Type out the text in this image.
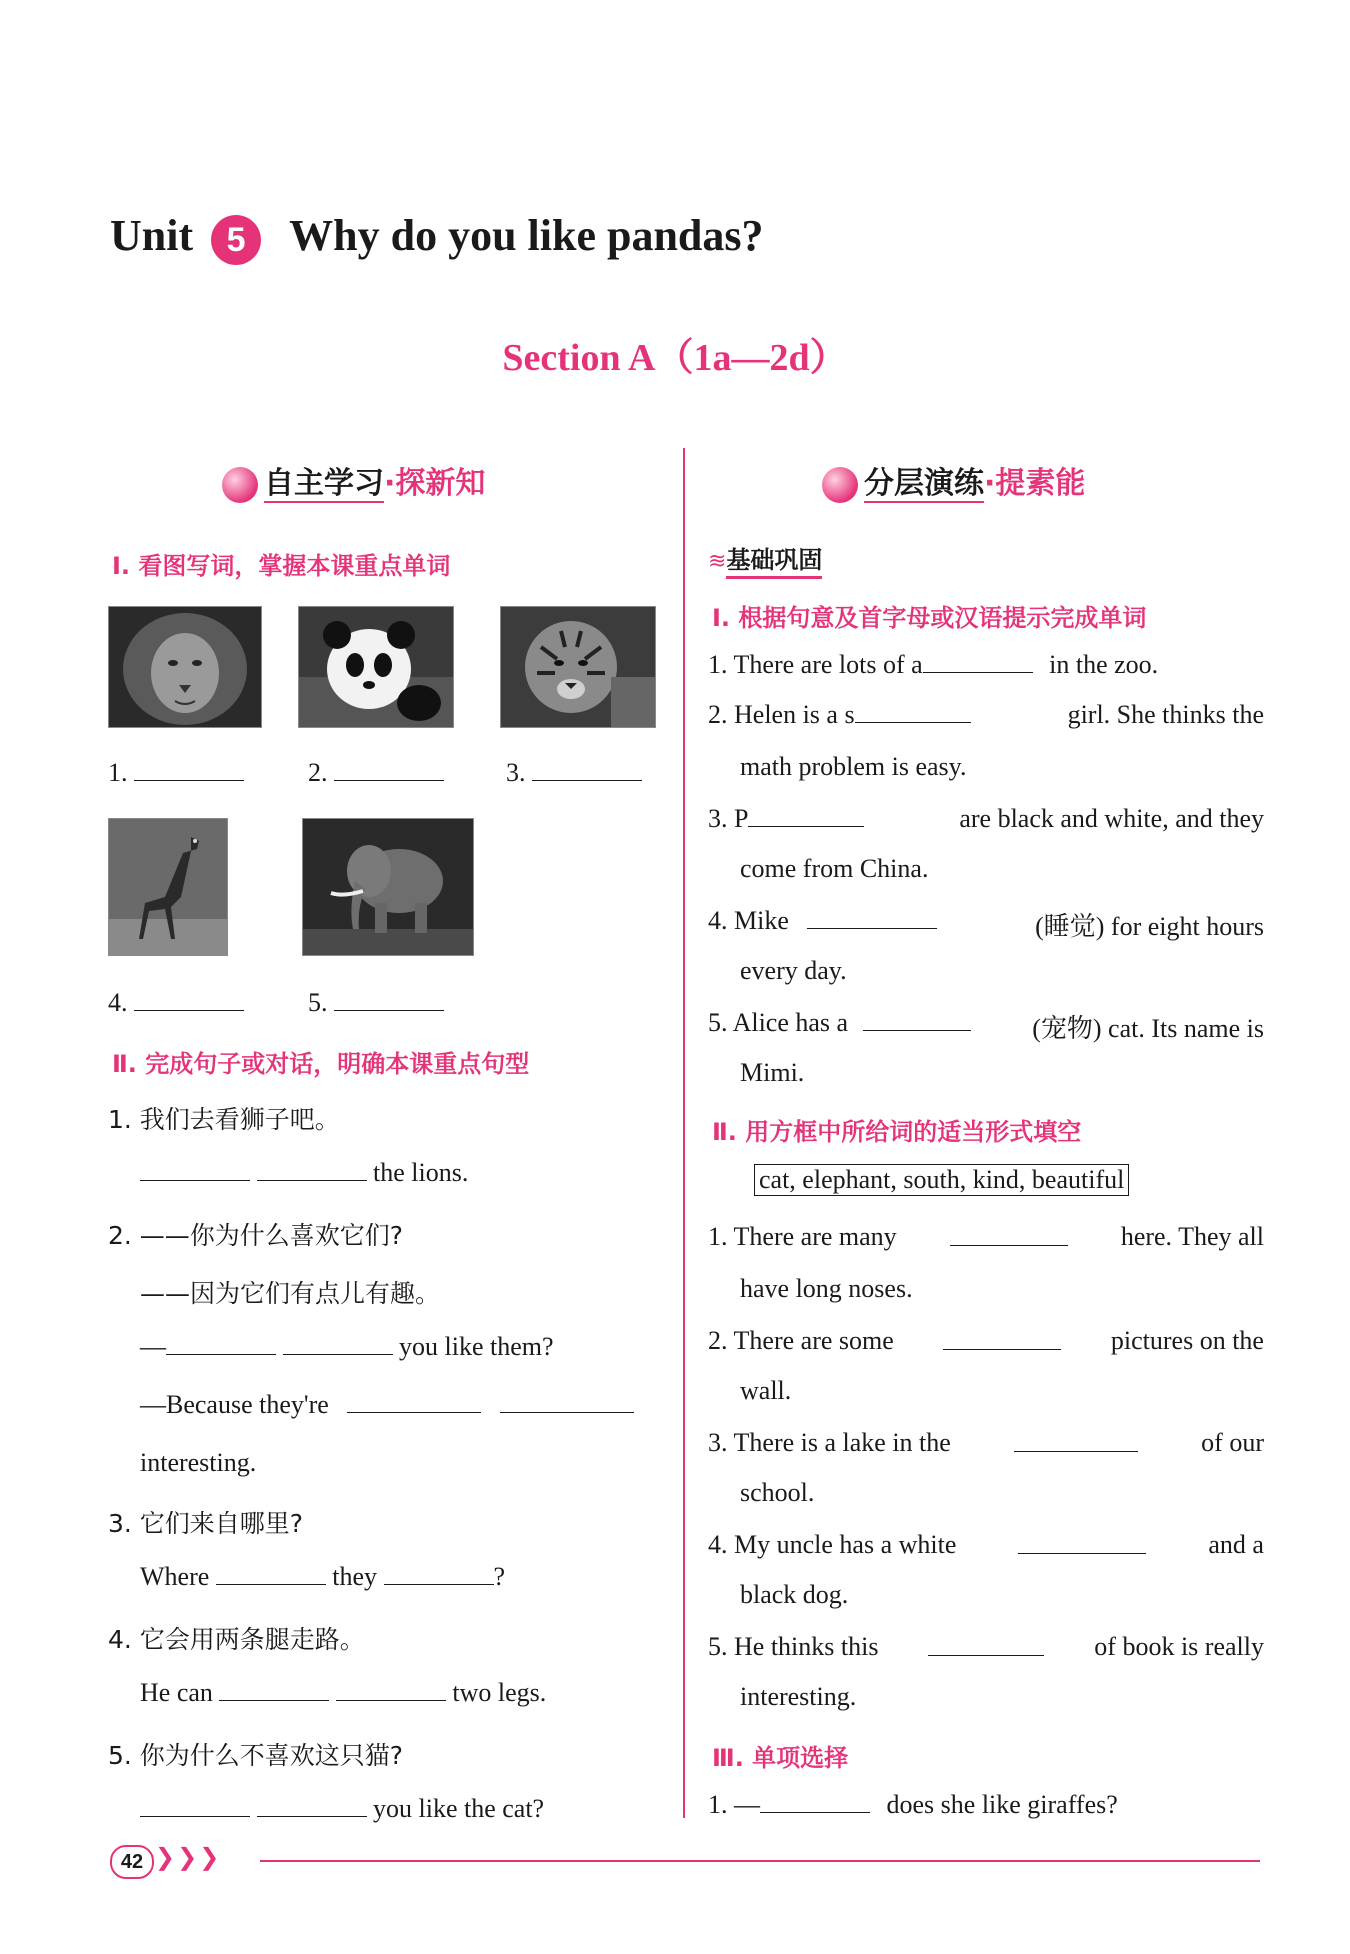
Unit 5 Why do you like pandas?
Section A（1a—2d）
自主学习·探新知
Ⅰ. 看图写词，掌握本课重点单词
1.	2.	3.
4.	5.
Ⅱ. 完成句子或对话，明确本课重点句型
1. 我们去看狮子吧。
the lions.
2. ——你为什么喜欢它们?
——因为它们有点儿有趣。
—	you like them?
—Because they're
interesting.
3. 它们来自哪里?
Where	they	?
4. 它会用两条腿走路。
He can	two legs.
5. 你为什么不喜欢这只猫?
you like the cat?
分层演练·提素能
≋基础巩固
Ⅰ. 根据句意及首字母或汉语提示完成单词
1. There are lots of a	in the zoo.
2. Helen is a s	girl. She thinks the
math problem is easy.
3. P	are black and white, and they
come from China.
4. Mike	(睡觉) for eight hours
every day.
5. Alice has a	(宠物) cat. Its name is
Mimi.
Ⅱ. 用方框中所给词的适当形式填空
cat, elephant, south, kind, beautiful
1. There are many	here. They all
have long noses.
2. There are some	pictures on the
wall.
3. There is a lake in the	of our
school.
4. My uncle has a white	and a
black dog.
5. He thinks this	of book is really
interesting.
Ⅲ. 单项选择
1. —	does she like giraffes?
42 ❯❯❯
